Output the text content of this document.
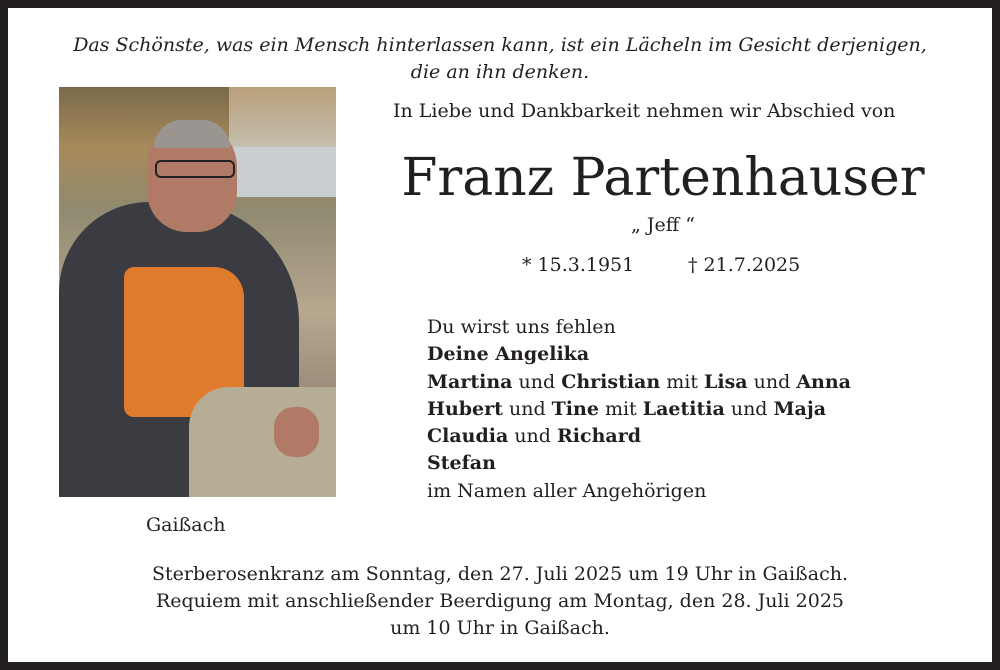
Das Schönste, was ein Mensch hinterlassen kann, ist ein Lächeln im Gesicht derjenigen,
die an ihn denken.
In Liebe und Dankbarkeit nehmen wir Abschied von
Franz Partenhauser
„ Jeff “
* 15.3.1951	† 21.7.2025
Du wirst uns fehlen
Deine Angelika
Martina und Christian mit Lisa und Anna
Hubert und Tine mit Laetitia und Maja
Claudia und Richard
Stefan
im Namen aller Angehörigen
Gaißach
Sterberosenkranz am Sonntag, den 27. Juli 2025 um 19 Uhr in Gaißach.
Requiem mit anschließender Beerdigung am Montag, den 28. Juli 2025
um 10 Uhr in Gaißach.
